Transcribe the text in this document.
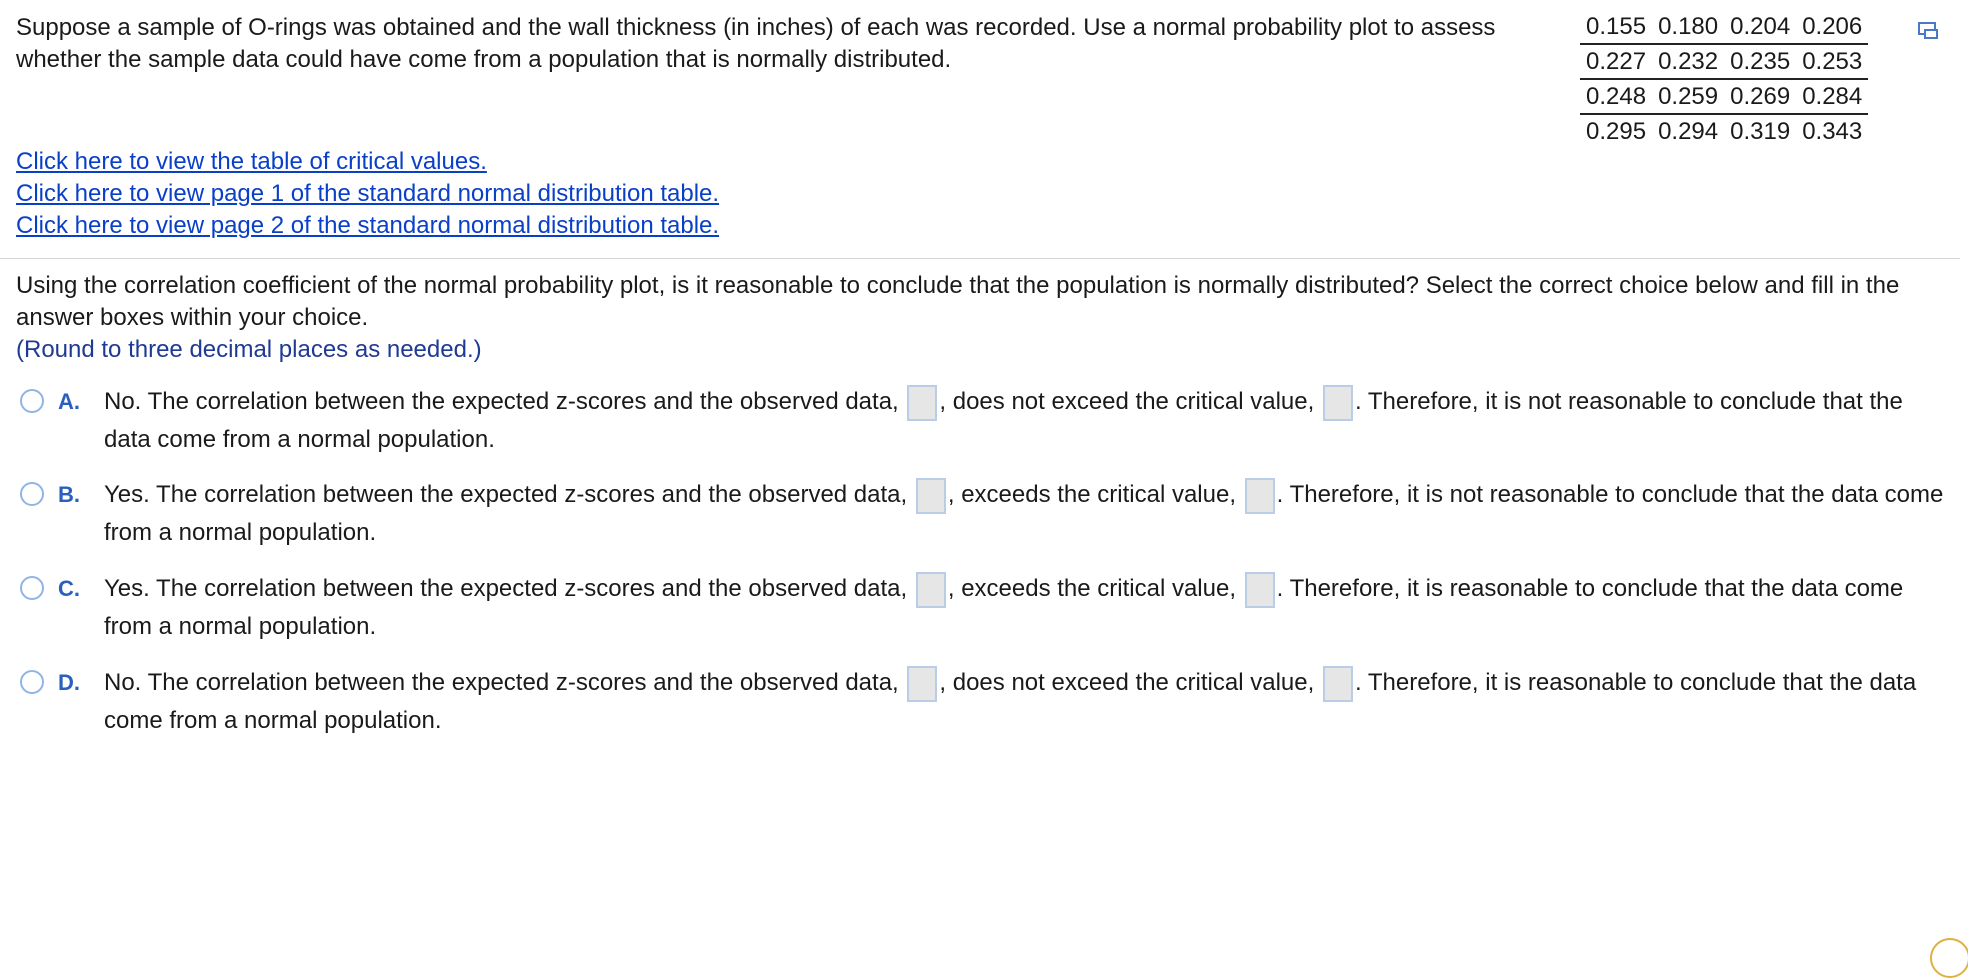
Suppose a sample of O-rings was obtained and the wall thickness (in inches) of each was recorded. Use a normal probability plot to assess whether the sample data could have come from a population that is normally distributed.
0.155	0.180	0.204	0.206
0.227	0.232	0.235	0.253
0.248	0.259	0.269	0.284
0.295	0.294	0.319	0.343
Click here to view the table of critical values.
Click here to view page 1 of the standard normal distribution table.
Click here to view page 2 of the standard normal distribution table.
Using the correlation coefficient of the normal probability plot, is it reasonable to conclude that the population is normally distributed? Select the correct choice below and fill in the answer boxes within your choice.
(Round to three decimal places as needed.)
A. No. The correlation between the expected z-scores and the observed data, , does not exceed the critical value, . Therefore, it is not reasonable to conclude that the data come from a normal population.
B. Yes. The correlation between the expected z-scores and the observed data, , exceeds the critical value, . Therefore, it is not reasonable to conclude that the data come from a normal population.
C. Yes. The correlation between the expected z-scores and the observed data, , exceeds the critical value, . Therefore, it is reasonable to conclude that the data come from a normal population.
D. No. The correlation between the expected z-scores and the observed data, , does not exceed the critical value, . Therefore, it is reasonable to conclude that the data come from a normal population.
